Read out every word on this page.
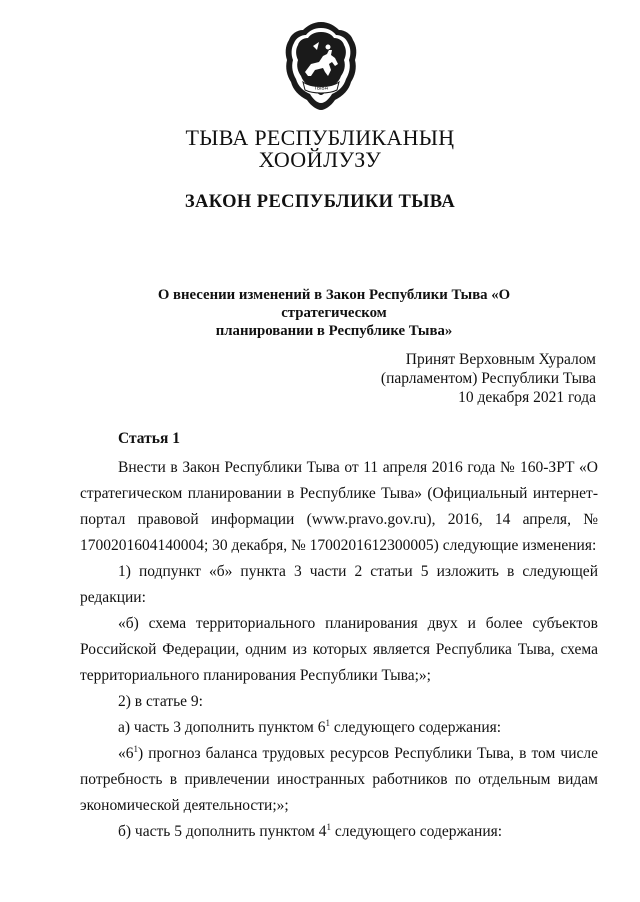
ТЫВА
ТЫВА РЕСПУБЛИКАНЫҢ
ХООЙЛУЗУ
ЗАКОН РЕСПУБЛИКИ ТЫВА
О внесении изменений в Закон Республики Тыва «О стратегическом
планировании в Республике Тыва»
Принят Верховным Хуралом
(парламентом) Республики Тыва
10 декабря 2021 года
Статья 1
Внести в Закон Республики Тыва от 11 апреля 2016 года № 160-ЗРТ «О
стратегическом планировании в Республике Тыва» (Официальный интернет-
портал правовой информации (www.pravo.gov.ru), 2016, 14 апреля, №
1700201604140004; 30 декабря, № 1700201612300005) следующие изменения:
1) подпункт «б» пункта 3 части 2 статьи 5 изложить в следующей
редакции:
«б) схема территориального планирования двух и более субъектов
Российской Федерации, одним из которых является Республика Тыва, схема
территориального планирования Республики Тыва;»;
2) в статье 9:
а) часть 3 дополнить пунктом $6^1$ следующего содержания:
«$6^1$) прогноз баланса трудовых ресурсов Республики Тыва, в том числе
потребность в привлечении иностранных работников по отдельным видам
экономической деятельности;»;
б) часть 5 дополнить пунктом $4^1$ следующего содержания:
